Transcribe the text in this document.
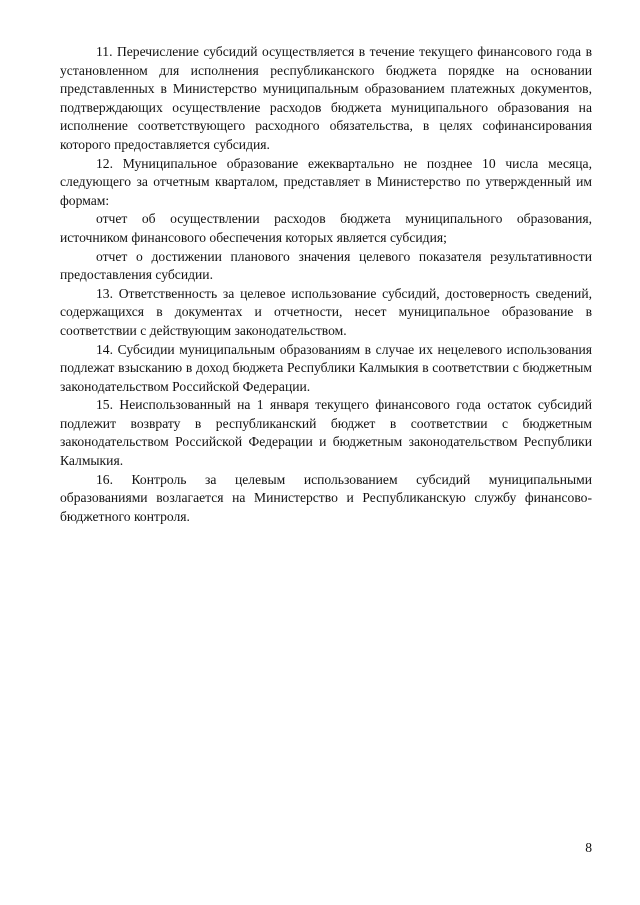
11. Перечисление субсидий осуществляется в течение текущего финансового года в установленном для исполнения республиканского бюджета порядке на основании представленных в Министерство муниципальным образованием платежных документов, подтверждающих осуществление расходов бюджета муниципального образования на исполнение соответствующего расходного обязательства, в целях софинансирования которого предоставляется субсидия.

12. Муниципальное образование ежеквартально не позднее 10 числа месяца, следующего за отчетным кварталом, представляет в Министерство по утвержденный им формам:

отчет об осуществлении расходов бюджета муниципального образования, источником финансового обеспечения которых является субсидия;

отчет о достижении планового значения целевого показателя результативности предоставления субсидии.

13. Ответственность за целевое использование субсидий, достоверность сведений, содержащихся в документах и отчетности, несет муниципальное образование в соответствии с действующим законодательством.

14. Субсидии муниципальным образованиям в случае их нецелевого использования подлежат взысканию в доход бюджета Республики Калмыкия в соответствии с бюджетным законодательством Российской Федерации.

15. Неиспользованный на 1 января текущего финансового года остаток субсидий подлежит возврату в республиканский бюджет в соответствии с бюджетным законодательством Российской Федерации и бюджетным законодательством Республики Калмыкия.

16. Контроль за целевым использованием субсидий муниципальными образованиями возлагается на Министерство и Республиканскую службу финансово-бюджетного контроля.

8
